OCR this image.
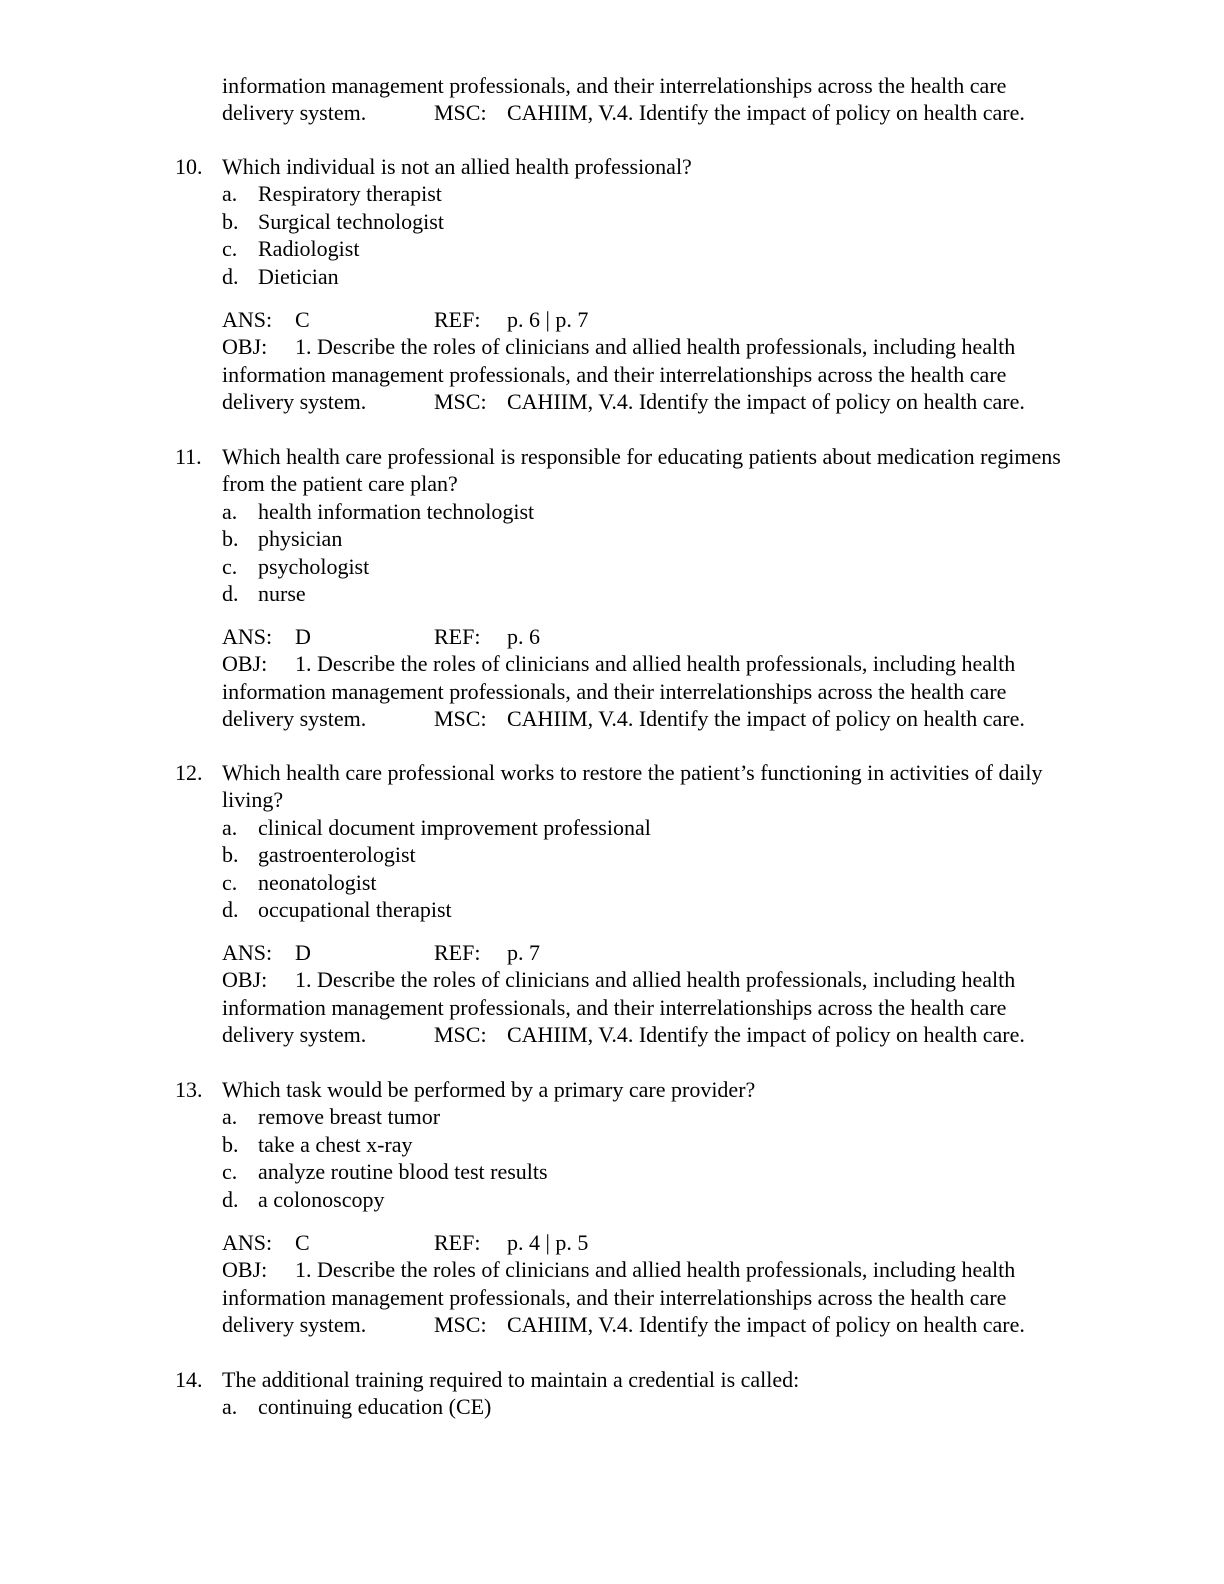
information management professionals, and their interrelationships across the health care
delivery system.	MSC: CAHIIM, V.4. Identify the impact of policy on health care.
10. Which individual is not an allied health professional?
a. Respiratory therapist
b. Surgical technologist
c. Radiologist
d. Dietician
ANS: C	REF: p. 6 | p. 7
OBJ: 1. Describe the roles of clinicians and allied health professionals, including health
information management professionals, and their interrelationships across the health care
delivery system.	MSC: CAHIIM, V.4. Identify the impact of policy on health care.
11. Which health care professional is responsible for educating patients about medication regimens from the patient care plan?
a. health information technologist
b. physician
c. psychologist
d. nurse
ANS: D	REF: p. 6
OBJ: 1. Describe the roles of clinicians and allied health professionals, including health
information management professionals, and their interrelationships across the health care
delivery system.	MSC: CAHIIM, V.4. Identify the impact of policy on health care.
12. Which health care professional works to restore the patient’s functioning in activities of daily living?
a. clinical document improvement professional
b. gastroenterologist
c. neonatologist
d. occupational therapist
ANS: D	REF: p. 7
OBJ: 1. Describe the roles of clinicians and allied health professionals, including health
information management professionals, and their interrelationships across the health care
delivery system.	MSC: CAHIIM, V.4. Identify the impact of policy on health care.
13. Which task would be performed by a primary care provider?
a. remove breast tumor
b. take a chest x-ray
c. analyze routine blood test results
d. a colonoscopy
ANS: C	REF: p. 4 | p. 5
OBJ: 1. Describe the roles of clinicians and allied health professionals, including health
information management professionals, and their interrelationships across the health care
delivery system.	MSC: CAHIIM, V.4. Identify the impact of policy on health care.
14. The additional training required to maintain a credential is called:
a. continuing education (CE)
